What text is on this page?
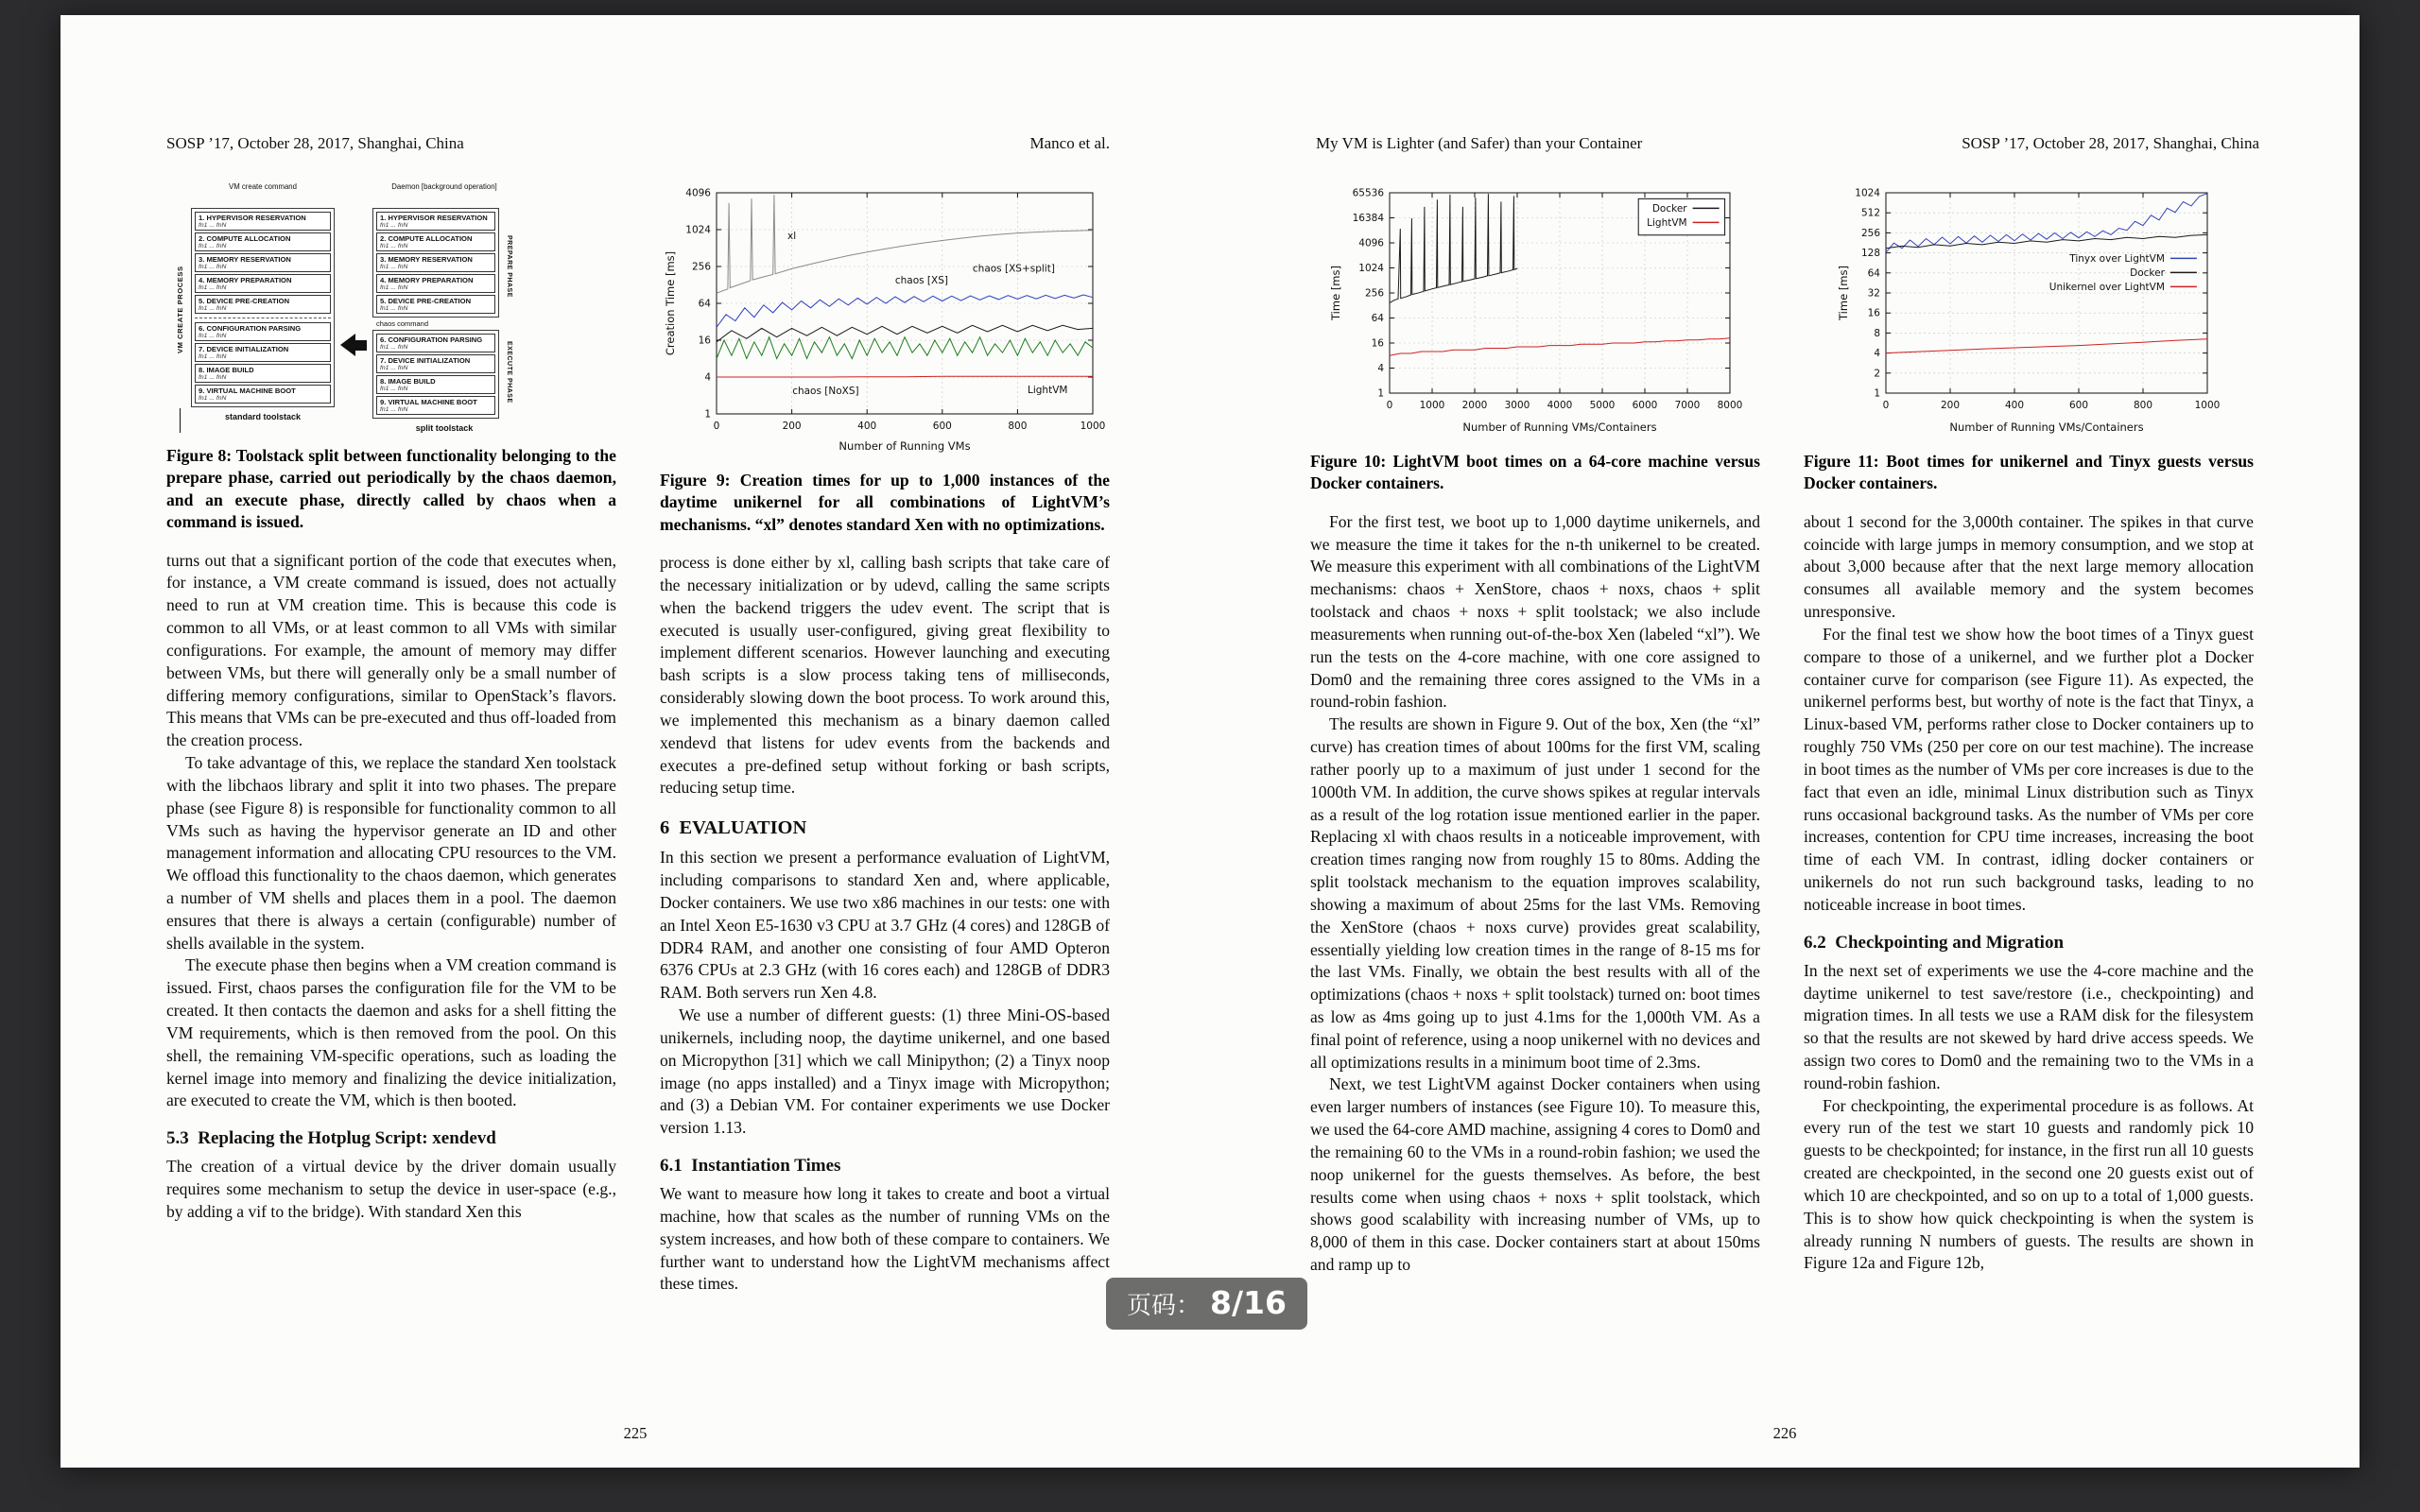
SOSP ’17, October 28, 2017, Shanghai, China	Manco et al.
VM CREATE PROCESS
VM create command
1. HYPERVISOR RESERVATION
fn1 ... fnN
2. COMPUTE ALLOCATION
fn1 ... fnN
3. MEMORY RESERVATION
fn1 ... fnN
4. MEMORY PREPARATION
fn1 ... fnN
5. DEVICE PRE-CREATION
fn1 ... fnN
6. CONFIGURATION PARSING
fn1 ... fnN
7. DEVICE INITIALIZATION
fn1 ... fnN
8. IMAGE BUILD
fn1 ... fnN
9. VIRTUAL MACHINE BOOT
fn1 ... fnN
standard toolstack
Daemon [background operation]
1. HYPERVISOR RESERVATION
fn1 ... fnN
2. COMPUTE ALLOCATION
fn1 ... fnN
3. MEMORY RESERVATION
fn1 ... fnN
4. MEMORY PREPARATION
fn1 ... fnN
5. DEVICE PRE-CREATION
fn1 ... fnN
chaos command
6. CONFIGURATION PARSING
fn1 ... fnN
7. DEVICE INITIALIZATION
fn1 ... fnN
8. IMAGE BUILD
fn1 ... fnN
9. VIRTUAL MACHINE BOOT
fn1 ... fnN
PREPARE PHASE
EXECUTE PHASE
split toolstack
Figure 8: Toolstack split between functionality belonging to the prepare phase, carried out periodically by the chaos daemon, and an execute phase, directly called by chaos when a command is issued.

turns out that a significant portion of the code that executes when, for instance, a VM create command is issued, does not actually need to run at VM creation time. This is because this code is common to all VMs, or at least common to all VMs with similar configurations. For example, the amount of memory may differ between VMs, but there will generally only be a small number of differing memory configurations, similar to OpenStack’s flavors. This means that VMs can be pre-executed and thus off-loaded from the creation process.

To take advantage of this, we replace the standard Xen toolstack with the libchaos library and split it into two phases. The prepare phase (see Figure 8) is responsible for functionality common to all VMs such as having the hypervisor generate an ID and other management information and allocating CPU resources to the VM. We offload this functionality to the chaos daemon, which generates a number of VM shells and places them in a pool. The daemon ensures that there is always a certain (configurable) number of shells available in the system.

The execute phase then begins when a VM creation command is issued. First, chaos parses the configuration file for the VM to be created. It then contacts the daemon and asks for a shell fitting the VM requirements, which is then removed from the pool. On this shell, the remaining VM-specific operations, such as loading the kernel image into memory and finalizing the device initialization, are executed to create the VM, which is then booted.

5.3 Replacing the Hotplug Script: xendevd

The creation of a virtual device by the driver domain usually requires some mechanism to setup the device in user-space (e.g., by adding a vif to the bridge). With standard Xen this

1
4
16
64
256
1024
4096
0	200	400	600	800	1000
Number of Running VMs
Creation Time [ms]
xl
chaos [XS+split]
chaos [XS]
chaos [NoXS]	LightVM
Figure 9: Creation times for up to 1,000 instances of the daytime unikernel for all combinations of LightVM’s mechanisms. “xl” denotes standard Xen with no optimizations.

process is done either by xl, calling bash scripts that take care of the necessary initialization or by udevd, calling the same scripts when the backend triggers the udev event. The script that is executed is usually user-configured, giving great flexibility to implement different scenarios. However launching and executing bash scripts is a slow process taking tens of milliseconds, considerably slowing down the boot process. To work around this, we implemented this mechanism as a binary daemon called xendevd that listens for udev events from the backends and executes a pre-defined setup without forking or bash scripts, reducing setup time.

6 EVALUATION

In this section we present a performance evaluation of LightVM, including comparisons to standard Xen and, where applicable, Docker containers. We use two x86 machines in our tests: one with an Intel Xeon E5-1630 v3 CPU at 3.7 GHz (4 cores) and 128GB of DDR4 RAM, and another one consisting of four AMD Opteron 6376 CPUs at 2.3 GHz (with 16 cores each) and 128GB of DDR3 RAM. Both servers run Xen 4.8.

We use a number of different guests: (1) three Mini-OS-based unikernels, including noop, the daytime unikernel, and one based on Micropython [31] which we call Minipython; (2) a Tinyx noop image (no apps installed) and a Tinyx image with Micropython; and (3) a Debian VM. For container experiments we use Docker version 1.13.

6.1 Instantiation Times

We want to measure how long it takes to create and boot a virtual machine, how that scales as the number of running VMs on the system increases, and how both of these compare to containers. We further want to understand how the LightVM mechanisms affect these times.

225
My VM is Lighter (and Safer) than your Container	SOSP ’17, October 28, 2017, Shanghai, China
1
4
16
64
256
1024
4096
16384
65536
0	1000 2000 3000 4000 5000 6000 7000 8000
Number of Running VMs/Containers
Time [ms]
Docker
LightVM
Figure 10: LightVM boot times on a 64-core machine versus Docker containers.

For the first test, we boot up to 1,000 daytime unikernels, and we measure the time it takes for the n-th unikernel to be created. We measure this experiment with all combinations of the LightVM mechanisms: chaos + XenStore, chaos + noxs, chaos + split toolstack and chaos + noxs + split toolstack; we also include measurements when running out-of-the-box Xen (labeled “xl”). We run the tests on the 4-core machine, with one core assigned to Dom0 and the remaining three cores assigned to the VMs in a round-robin fashion.

The results are shown in Figure 9. Out of the box, Xen (the “xl” curve) has creation times of about 100ms for the first VM, scaling rather poorly up to a maximum of just under 1 second for the 1000th VM. In addition, the curve shows spikes at regular intervals as a result of the log rotation issue mentioned earlier in the paper. Replacing xl with chaos results in a noticeable improvement, with creation times ranging now from roughly 15 to 80ms. Adding the split toolstack mechanism to the equation improves scalability, showing a maximum of about 25ms for the last VMs. Removing the XenStore (chaos + noxs curve) provides great scalability, essentially yielding low creation times in the range of 8-15 ms for the last VMs. Finally, we obtain the best results with all of the optimizations (chaos + noxs + split toolstack) turned on: boot times as low as 4ms going up to just 4.1ms for the 1,000th VM. As a final point of reference, using a noop unikernel with no devices and all optimizations results in a minimum boot time of 2.3ms.

Next, we test LightVM against Docker containers when using even larger numbers of instances (see Figure 10). To measure this, we used the 64-core AMD machine, assigning 4 cores to Dom0 and the remaining 60 to the VMs in a round-robin fashion; we used the noop unikernel for the guests themselves. As before, the best results come when using chaos + noxs + split toolstack, which shows good scalability with increasing number of VMs, up to 8,000 of them in this case. Docker containers start at about 150ms and ramp up to

1
2
4
8
16
32
64
128
256
512
1024
0	200	400	600	800	1000
Number of Running VMs/Containers
Time [ms]
Tinyx over LightVM
Docker
Unikernel over LightVM
Figure 11: Boot times for unikernel and Tinyx guests versus Docker containers.

about 1 second for the 3,000th container. The spikes in that curve coincide with large jumps in memory consumption, and we stop at about 3,000 because after that the next large memory allocation consumes all available memory and the system becomes unresponsive.

For the final test we show how the boot times of a Tinyx guest compare to those of a unikernel, and we further plot a Docker container curve for comparison (see Figure 11). As expected, the unikernel performs best, but worthy of note is the fact that Tinyx, a Linux-based VM, performs rather close to Docker containers up to roughly 750 VMs (250 per core on our test machine). The increase in boot times as the number of VMs per core increases is due to the fact that even an idle, minimal Linux distribution such as Tinyx runs occasional background tasks. As the number of VMs per core increases, contention for CPU time increases, increasing the boot time of each VM. In contrast, idling docker containers or unikernels do not run such background tasks, leading to no noticeable increase in boot times.

6.2 Checkpointing and Migration

In the next set of experiments we use the 4-core machine and the daytime unikernel to test save/restore (i.e., checkpointing) and migration times. In all tests we use a RAM disk for the filesystem so that the results are not skewed by hard drive access speeds. We assign two cores to Dom0 and the remaining two to the VMs in a round-robin fashion.

For checkpointing, the experimental procedure is as follows. At every run of the test we start 10 guests and randomly pick 10 guests to be checkpointed; for instance, in the first run all 10 guests created are checkpointed, in the second one 20 guests exist out of which 10 are checkpointed, and so on up to a total of 1,000 guests. This is to show how quick checkpointing is when the system is already running N numbers of guests. The results are shown in Figure 12a and Figure 12b,

226
页码： 8/16
